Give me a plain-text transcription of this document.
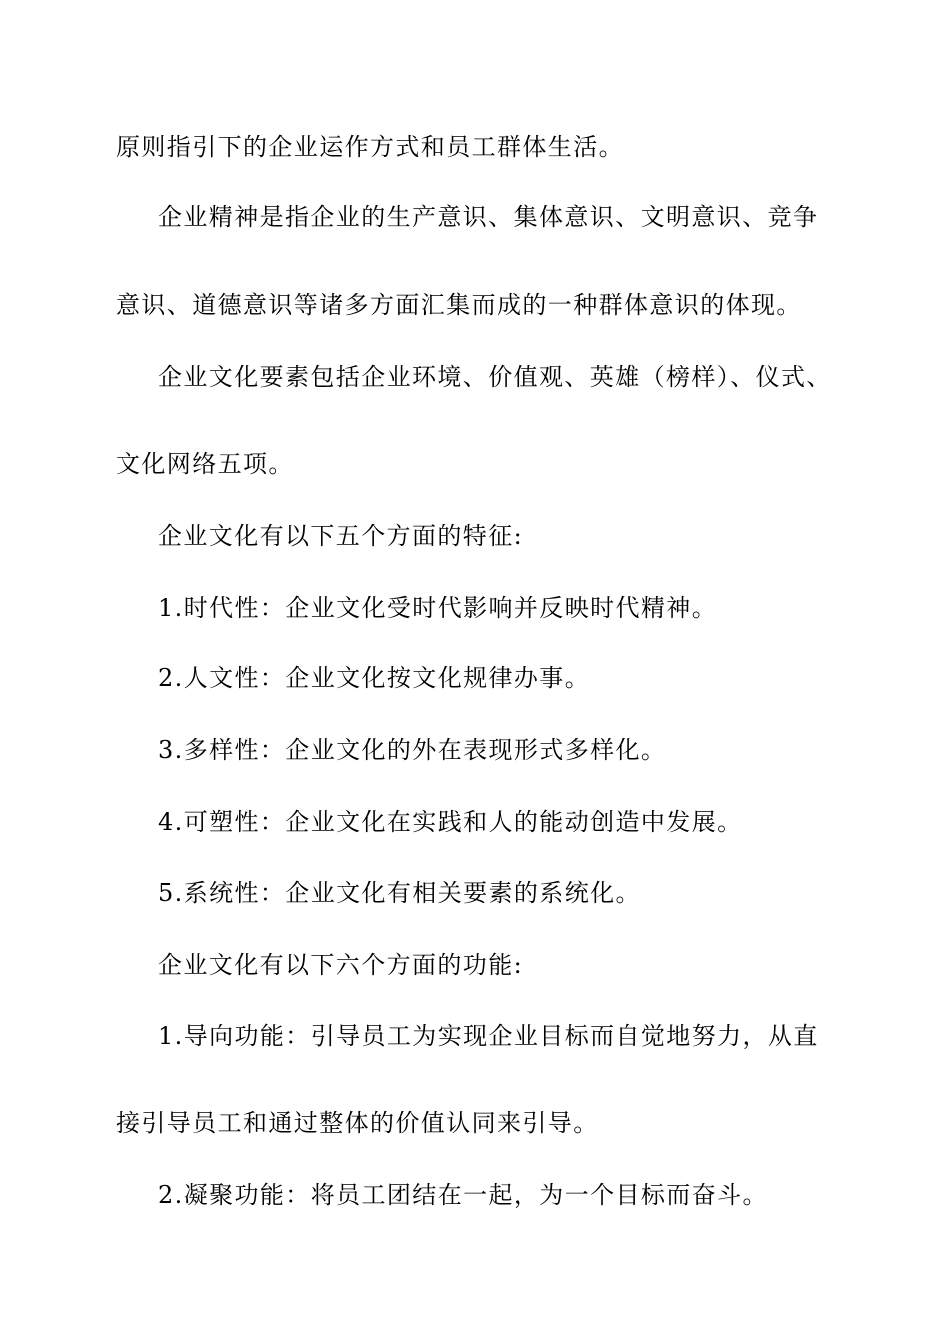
原则指引下的企业运作方式和员工群体生活。
企业精神是指企业的生产意识、集体意识、文明意识、竞争
意识、道德意识等诸多方面汇集而成的一种群体意识的体现。
企业文化要素包括企业环境、价值观、英雄（榜样）、仪式、
文化网络五项。
企业文化有以下五个方面的特征:
1.时代性：企业文化受时代影响并反映时代精神。
2.人文性：企业文化按文化规律办事。
3.多样性：企业文化的外在表现形式多样化。
4.可塑性：企业文化在实践和人的能动创造中发展。
5.系统性：企业文化有相关要素的系统化。
企业文化有以下六个方面的功能:
1.导向功能：引导员工为实现企业目标而自觉地努力，从直
接引导员工和通过整体的价值认同来引导。
2.凝聚功能：将员工团结在一起，为一个目标而奋斗。
